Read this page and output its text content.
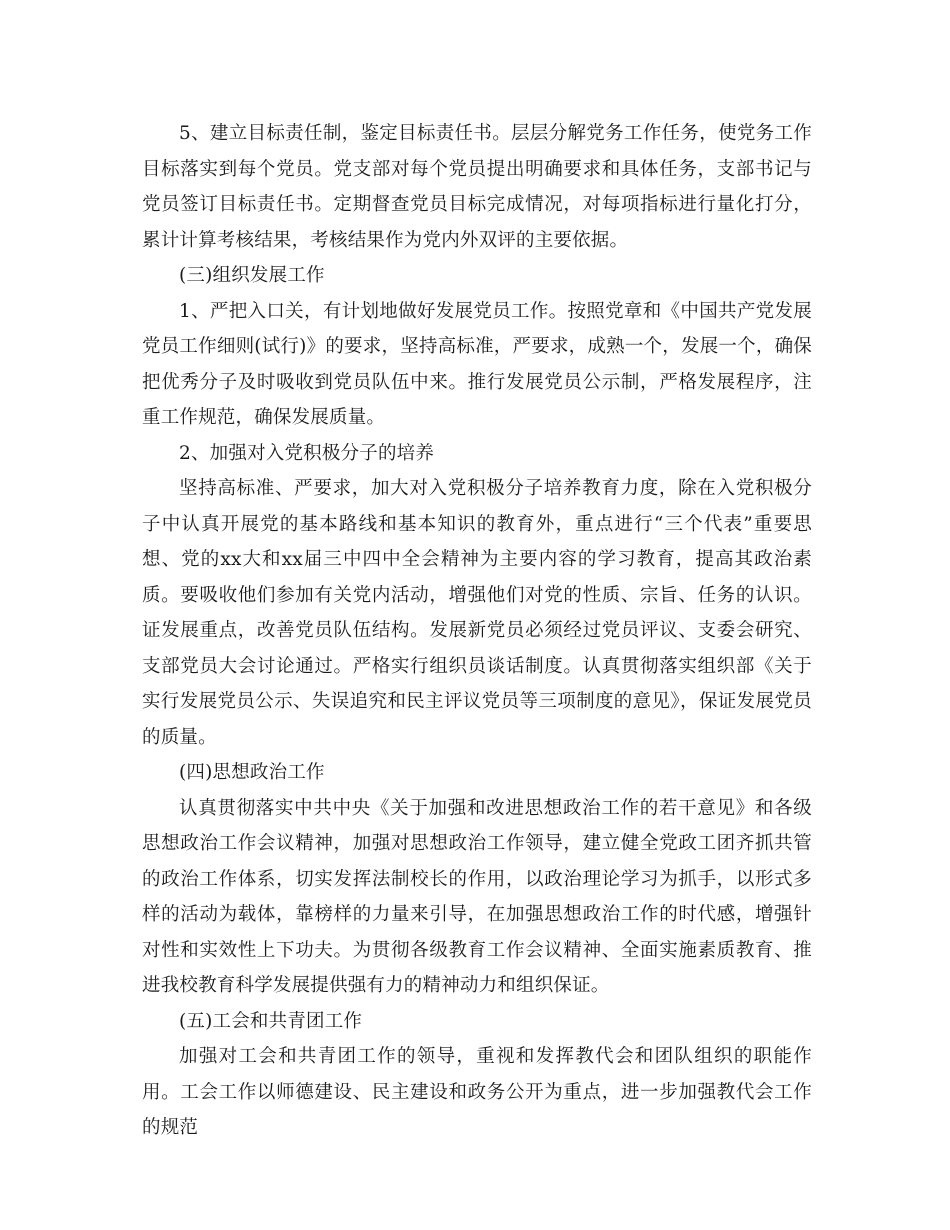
5、建立目标责任制，鉴定目标责任书。层层分解党务工作任务，使党务工作目标落实到每个党员。党支部对每个党员提出明确要求和具体任务，支部书记与党员签订目标责任书。定期督查党员目标完成情况，对每项指标进行量化打分，累计计算考核结果，考核结果作为党内外双评的主要依据。

(三)组织发展工作

1、严把入口关，有计划地做好发展党员工作。按照党章和《中国共产党发展党员工作细则(试行)》的要求，坚持高标准，严要求，成熟一个，发展一个，确保把优秀分子及时吸收到党员队伍中来。推行发展党员公示制，严格发展程序，注重工作规范，确保发展质量。

2、加强对入党积极分子的培养

坚持高标准、严要求，加大对入党积极分子培养教育力度，除在入党积极分子中认真开展党的基本路线和基本知识的教育外，重点进行“三个代表”重要思想、党的xx大和xx届三中四中全会精神为主要内容的学习教育，提高其政治素质。要吸收他们参加有关党内活动，增强他们对党的性质、宗旨、任务的认识。证发展重点，改善党员队伍结构。发展新党员必须经过党员评议、支委会研究、支部党员大会讨论通过。严格实行组织员谈话制度。认真贯彻落实组织部《关于实行发展党员公示、失误追究和民主评议党员等三项制度的意见》，保证发展党员的质量。

(四)思想政治工作

认真贯彻落实中共中央《关于加强和改进思想政治工作的若干意见》和各级思想政治工作会议精神，加强对思想政治工作领导，建立健全党政工团齐抓共管的政治工作体系，切实发挥法制校长的作用，以政治理论学习为抓手，以形式多样的活动为载体，靠榜样的力量来引导，在加强思想政治工作的时代感，增强针对性和实效性上下功夫。为贯彻各级教育工作会议精神、全面实施素质教育、推进我校教育科学发展提供强有力的精神动力和组织保证。

(五)工会和共青团工作

加强对工会和共青团工作的领导，重视和发挥教代会和团队组织的职能作用。工会工作以师德建设、民主建设和政务公开为重点，进一步加强教代会工作的规范
